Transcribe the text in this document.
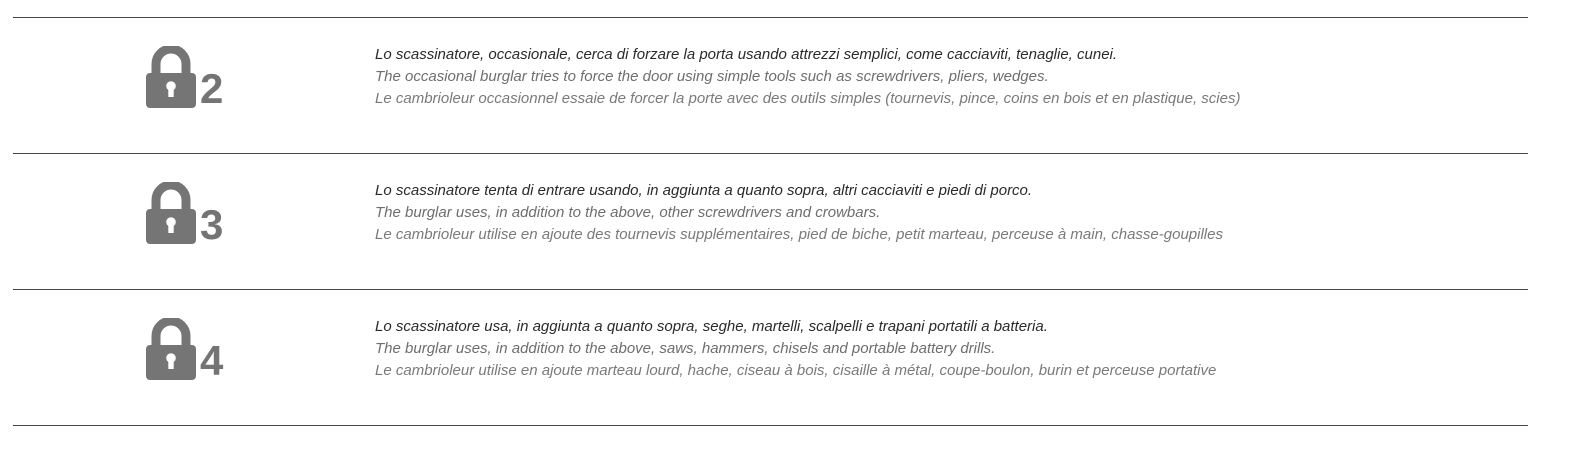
2
Lo scassinatore, occasionale, cerca di forzare la porta usando attrezzi semplici, come cacciaviti, tenaglie, cunei.
The occasional burglar tries to force the door using simple tools such as screwdrivers, pliers, wedges.
Le cambrioleur occasionnel essaie de forcer la porte avec des outils simples (tournevis, pince, coins en bois et en plastique, scies)
3
Lo scassinatore tenta di entrare usando, in aggiunta a quanto sopra, altri cacciaviti e piedi di porco.
The burglar uses, in addition to the above, other screwdrivers and crowbars.
Le cambrioleur utilise en ajoute des tournevis supplémentaires, pied de biche, petit marteau, perceuse à main, chasse-goupilles
4
Lo scassinatore usa, in aggiunta a quanto sopra, seghe, martelli, scalpelli e trapani portatili a batteria.
The burglar uses, in addition to the above, saws, hammers, chisels and portable battery drills.
Le cambrioleur utilise en ajoute marteau lourd, hache, ciseau à bois, cisaille à métal, coupe-boulon, burin et perceuse portative
